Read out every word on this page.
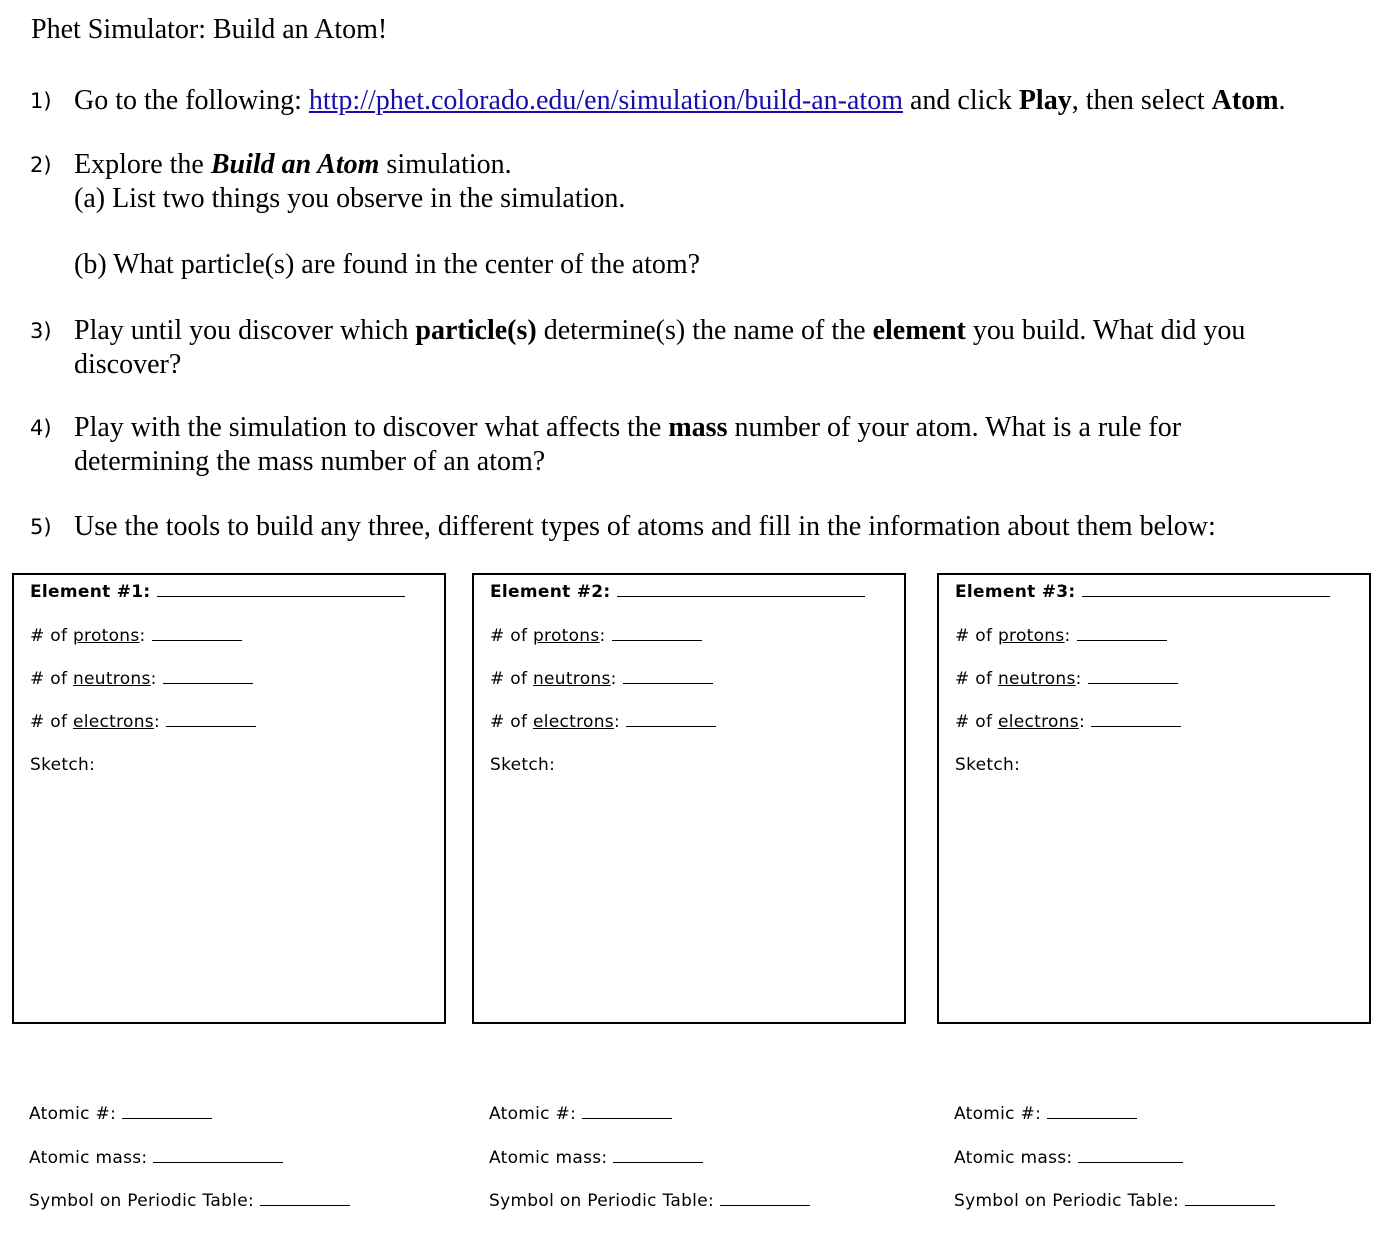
Phet Simulator: Build an Atom!
1) Go to the following: http://phet.colorado.edu/en/simulation/build-an-atom and click Play, then select Atom.
2) Explore the Build an Atom simulation.
(a) List two things you observe in the simulation.
(b) What particle(s) are found in the center of the atom?
3) Play until you discover which particle(s) determine(s) the name of the element you build. What did you
discover?
4) Play with the simulation to discover what affects the mass number of your atom. What is a rule for
determining the mass number of an atom?
5) Use the tools to build any three, different types of atoms and fill in the information about them below:
Element #1:
# of protons:
# of neutrons:
# of electrons:
Sketch:
Element #2:
# of protons:
# of neutrons:
# of electrons:
Sketch:
Element #3:
# of protons:
# of neutrons:
# of electrons:
Sketch:
Atomic #:
Atomic mass:
Symbol on Periodic Table:
Atomic #:
Atomic mass:
Symbol on Periodic Table:
Atomic #:
Atomic mass:
Symbol on Periodic Table:
